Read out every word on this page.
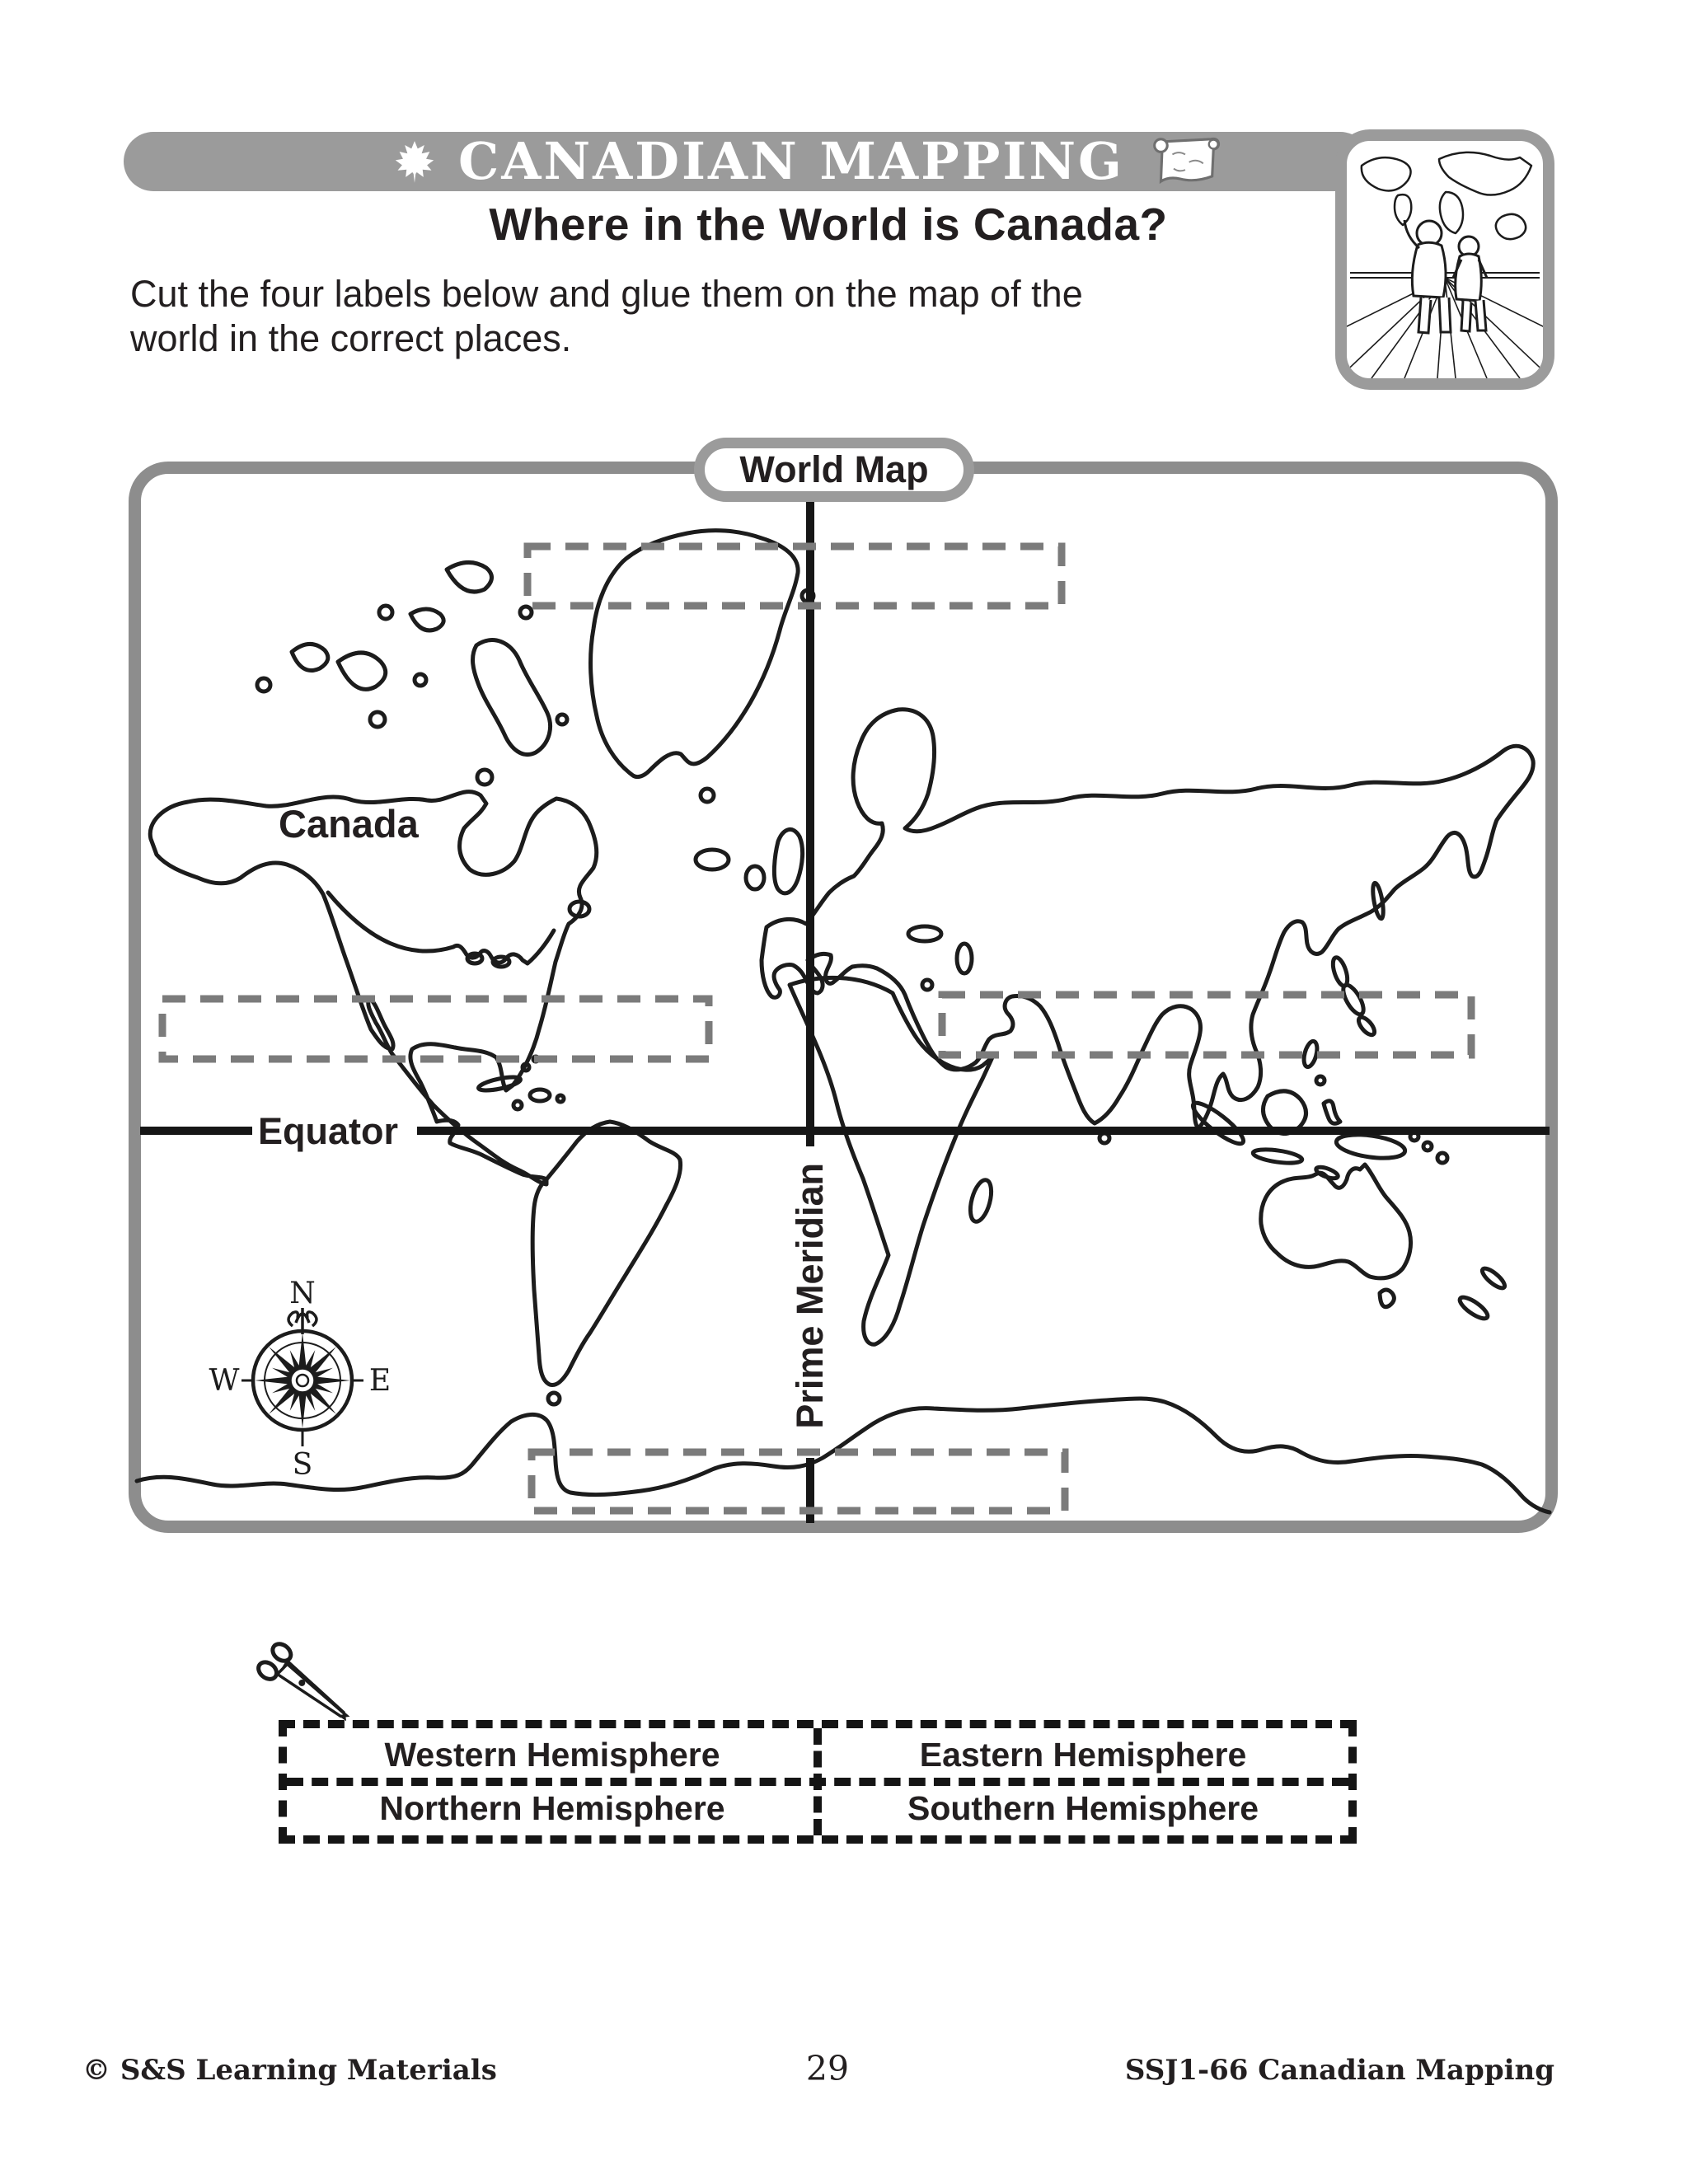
CANADIAN MAPPING
Where in the World is Canada?
Cut the four labels below and glue them on the map of the
world in the correct places.
N
S
W	E
World Map
Canada
Equator
Prime Meridian
Western Hemisphere	Eastern Hemisphere
Northern Hemisphere	Southern Hemisphere
© S&S Learning Materials	29	SSJ1-66 Canadian Mapping
